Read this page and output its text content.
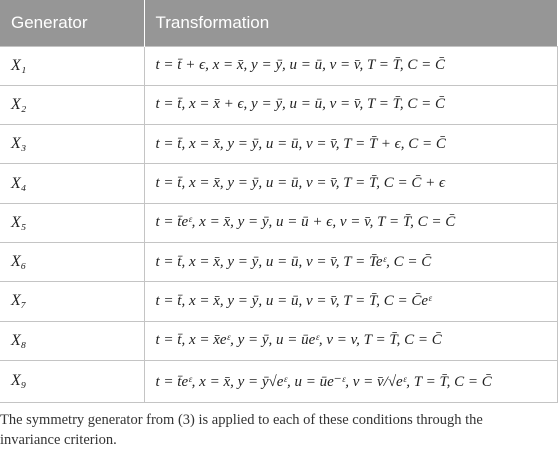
Generator	Transformation
X₁	t = t̄ + ϵ, x = x̄, y = ȳ, u = ū, v = v̄, T = T̄, C = C̄
X₂	t = t̄, x = x̄ + ϵ, y = ȳ, u = ū, v = v̄, T = T̄, C = C̄
X₃	t = t̄, x = x̄, y = ȳ, u = ū, v = v̄, T = T̄ + ϵ, C = C̄
X₄	t = t̄, x = x̄, y = ȳ, u = ū, v = v̄, T = T̄, C = C̄ + ϵ
X₅	t = t̄eᵋ, x = x̄, y = ȳ, u = ū + ϵ, v = v̄, T = T̄, C = C̄
X₆	t = t̄, x = x̄, y = ȳ, u = ū, v = v̄, T = T̄eᵋ, C = C̄
X₇	t = t̄, x = x̄, y = ȳ, u = ū, v = v̄, T = T̄, C = C̄eᵋ
X₈	t = t̄, x = x̄eᵋ, y = ȳ, u = ūeᵋ, v = v, T = T̄, C = C̄
X₉	t = t̄eᵋ, x = x̄, y = ȳ√eᵋ, u = ūe⁻ᵋ, v = v̄/√eᵋ, T = T̄, C = C̄
The symmetry generator from (3) is applied to each of these conditions through the invariance criterion.
